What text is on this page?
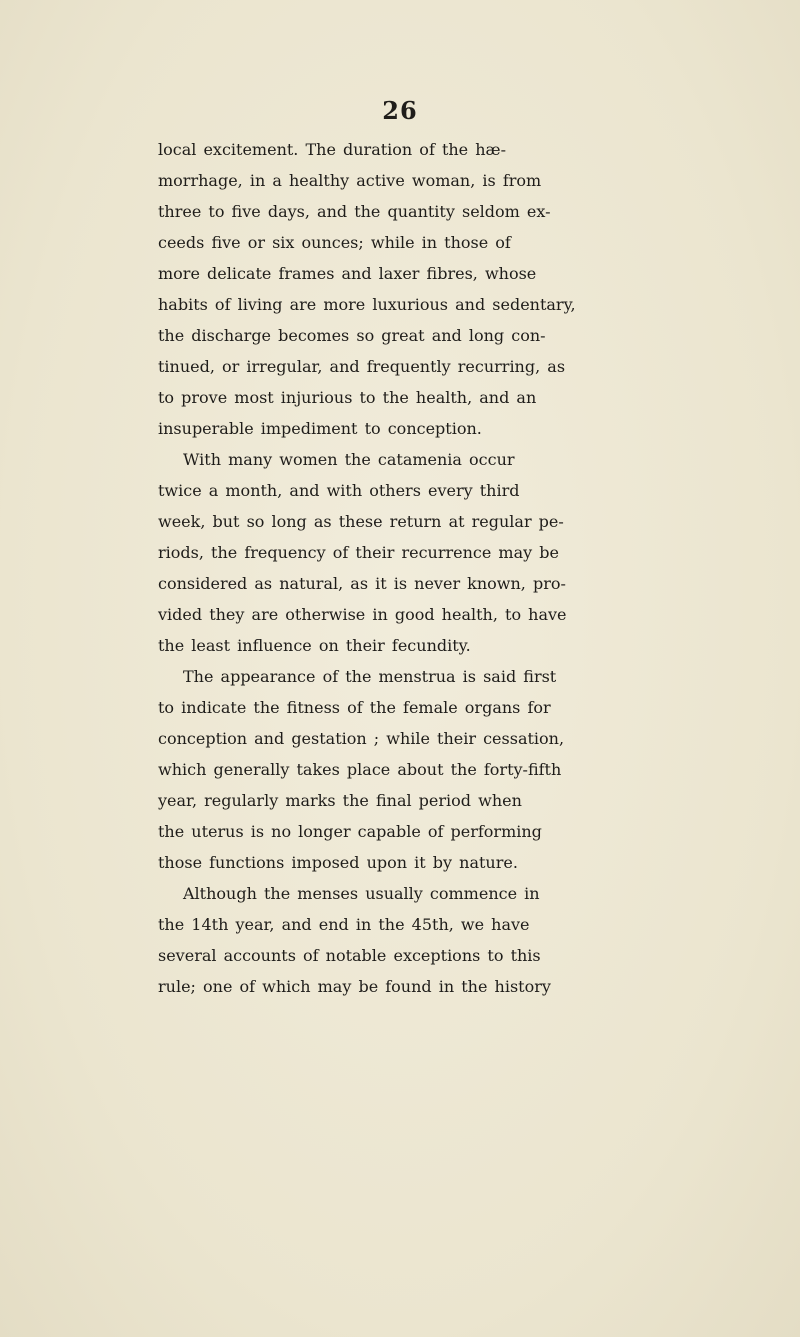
26
local excitement. The duration of the hæ-
morrhage, in a healthy active woman, is from
three to five days, and the quantity seldom ex-
ceeds five or six ounces; while in those of
more delicate frames and laxer fibres, whose
habits of living are more luxurious and sedentary,
the discharge becomes so great and long con-
tinued, or irregular, and frequently recurring, as
to prove most injurious to the health, and an
insuperable impediment to conception.
With many women the catamenia occur
twice a month, and with others every third
week, but so long as these return at regular pe-
riods, the frequency of their recurrence may be
considered as natural, as it is never known, pro-
vided they are otherwise in good health, to have
the least influence on their fecundity.
The appearance of the menstrua is said first
to indicate the fitness of the female organs for
conception and gestation ; while their cessation,
which generally takes place about the forty-fifth
year, regularly marks the final period when
the uterus is no longer capable of performing
those functions imposed upon it by nature.
Although the menses usually commence in
the 14th year, and end in the 45th, we have
several accounts of notable exceptions to this
rule; one of which may be found in the history
